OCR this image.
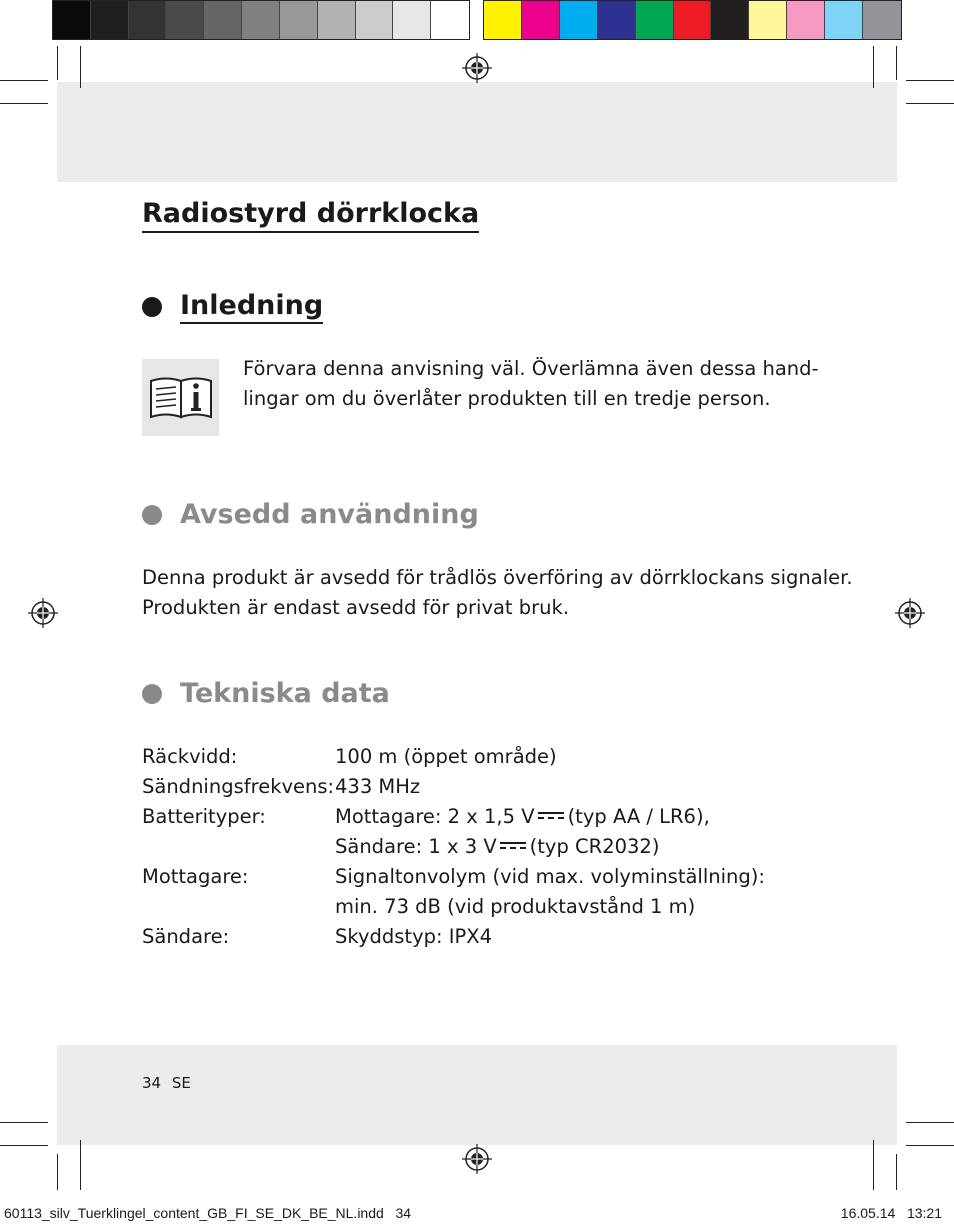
Radiostyrd dörrklocka
Inledning

Förvara denna anvisning väl. Överlämna även dessa hand-

lingar om du överlåter produkten till en tredje person.

Avsedd användning

Denna produkt är avsedd för trådlös överföring av dörrklockans signaler.

Produkten är endast avsedd för privat bruk.

Tekniska data
Räckvidd:	100 m (öppet område)
Sändningsfrekvens: 433 MHz
Batterityper:	Mottagare: 2 x 1,5 V (typ AA / LR6),
Sändare: 1 x 3 V (typ CR2032)
Mottagare:	Signaltonvolym (vid max. volyminställning):
min. 73 dB (vid produktavstånd 1 m)
Sändare:	Skyddstyp: IPX4
34 SE
60113_silv_Tuerklingel_content_GB_FI_SE_DK_BE_NL.indd 34	16.05.14 13:21
